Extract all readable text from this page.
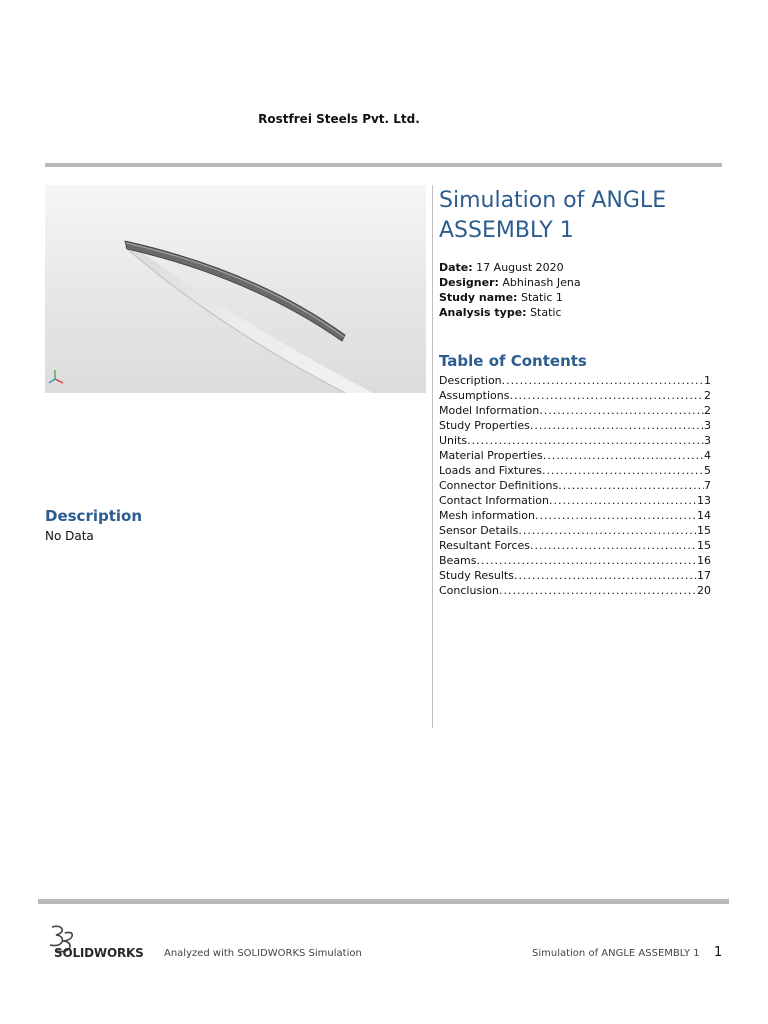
Rostfrei Steels Pvt. Ltd.
Simulation of ANGLE ASSEMBLY 1
Date: 17 August 2020
Designer: Abhinash Jena
Study name: Static 1
Analysis type: Static
Table of Contents
Description .....	1
Assumptions .....	2
Model Information .....	2
Study Properties .....	3
Units .....	3
Material Properties .....	4
Loads and Fixtures .....	5
Connector Definitions .....	7
Contact Information .....	13
Mesh information .....	14
Sensor Details .....	15
Resultant Forces .....	15
Beams .....	16
Study Results .....	17
Conclusion .....	20
Description
No Data
SOLIDWORKS Analyzed with SOLIDWORKS Simulation	Simulation of ANGLE ASSEMBLY 1 1
